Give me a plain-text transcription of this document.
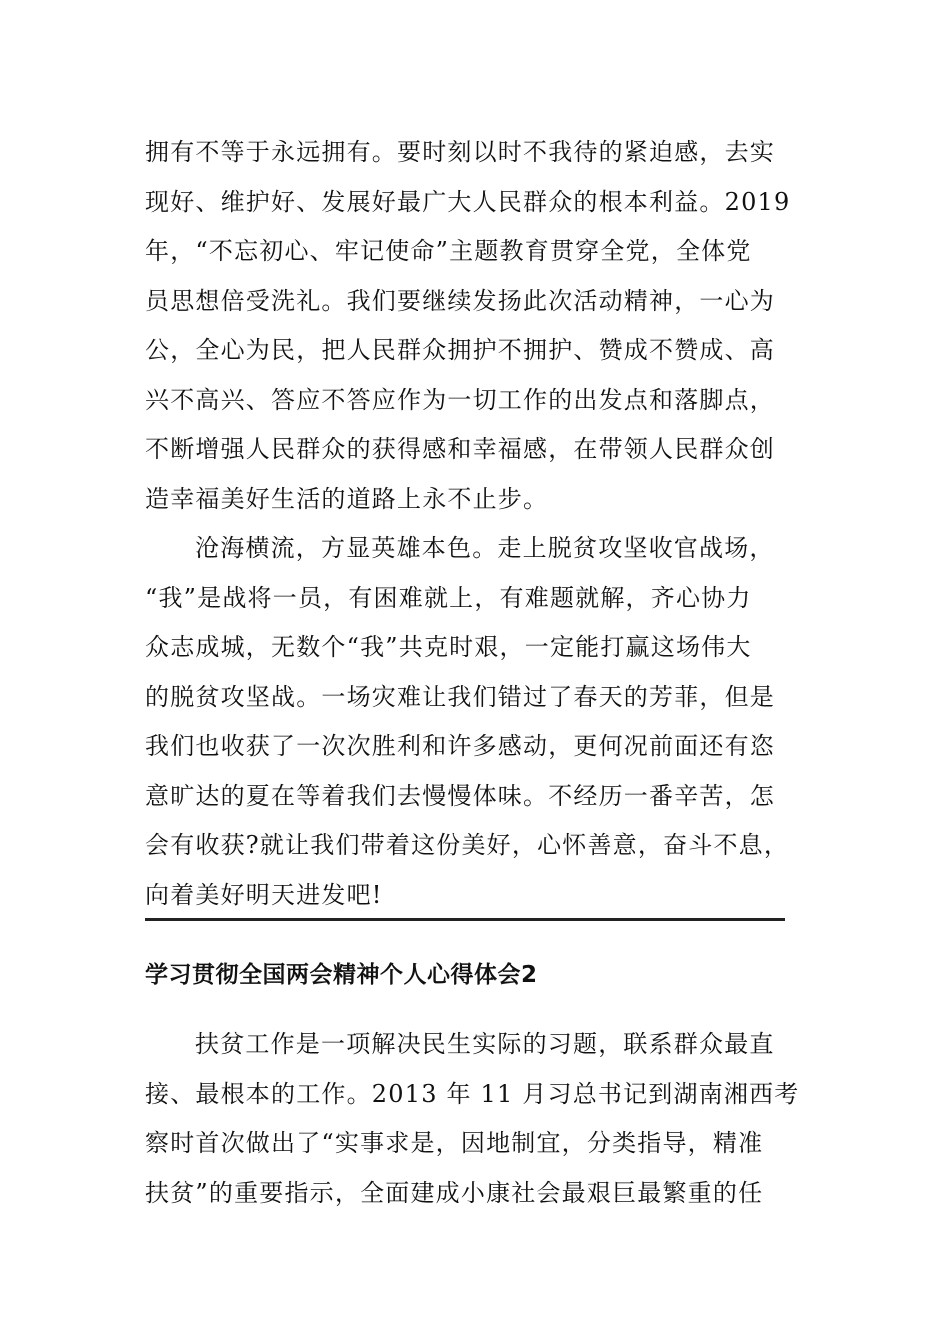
拥有不等于永远拥有。要时刻以时不我待的紧迫感，去实
现好、维护好、发展好最广大人民群众的根本利益。2019
年，“不忘初心、牢记使命”主题教育贯穿全党，全体党
员思想倍受洗礼。我们要继续发扬此次活动精神，一心为
公，全心为民，把人民群众拥护不拥护、赞成不赞成、高
兴不高兴、答应不答应作为一切工作的出发点和落脚点，
不断增强人民群众的获得感和幸福感，在带领人民群众创
造幸福美好生活的道路上永不止步。
沧海横流，方显英雄本色。走上脱贫攻坚收官战场，
“我”是战将一员，有困难就上，有难题就解，齐心协力
众志成城，无数个“我”共克时艰，一定能打赢这场伟大
的脱贫攻坚战。一场灾难让我们错过了春天的芳菲，但是
我们也收获了一次次胜利和许多感动，更何况前面还有恣
意旷达的夏在等着我们去慢慢体味。不经历一番辛苦，怎
会有收获?就让我们带着这份美好，心怀善意，奋斗不息，
向着美好明天进发吧!
学习贯彻全国两会精神个人心得体会2
扶贫工作是一项解决民生实际的习题，联系群众最直
接、最根本的工作。2013 年 11 月习总书记到湖南湘西考
察时首次做出了“实事求是，因地制宜，分类指导，精准
扶贫”的重要指示，全面建成小康社会最艰巨最繁重的任
